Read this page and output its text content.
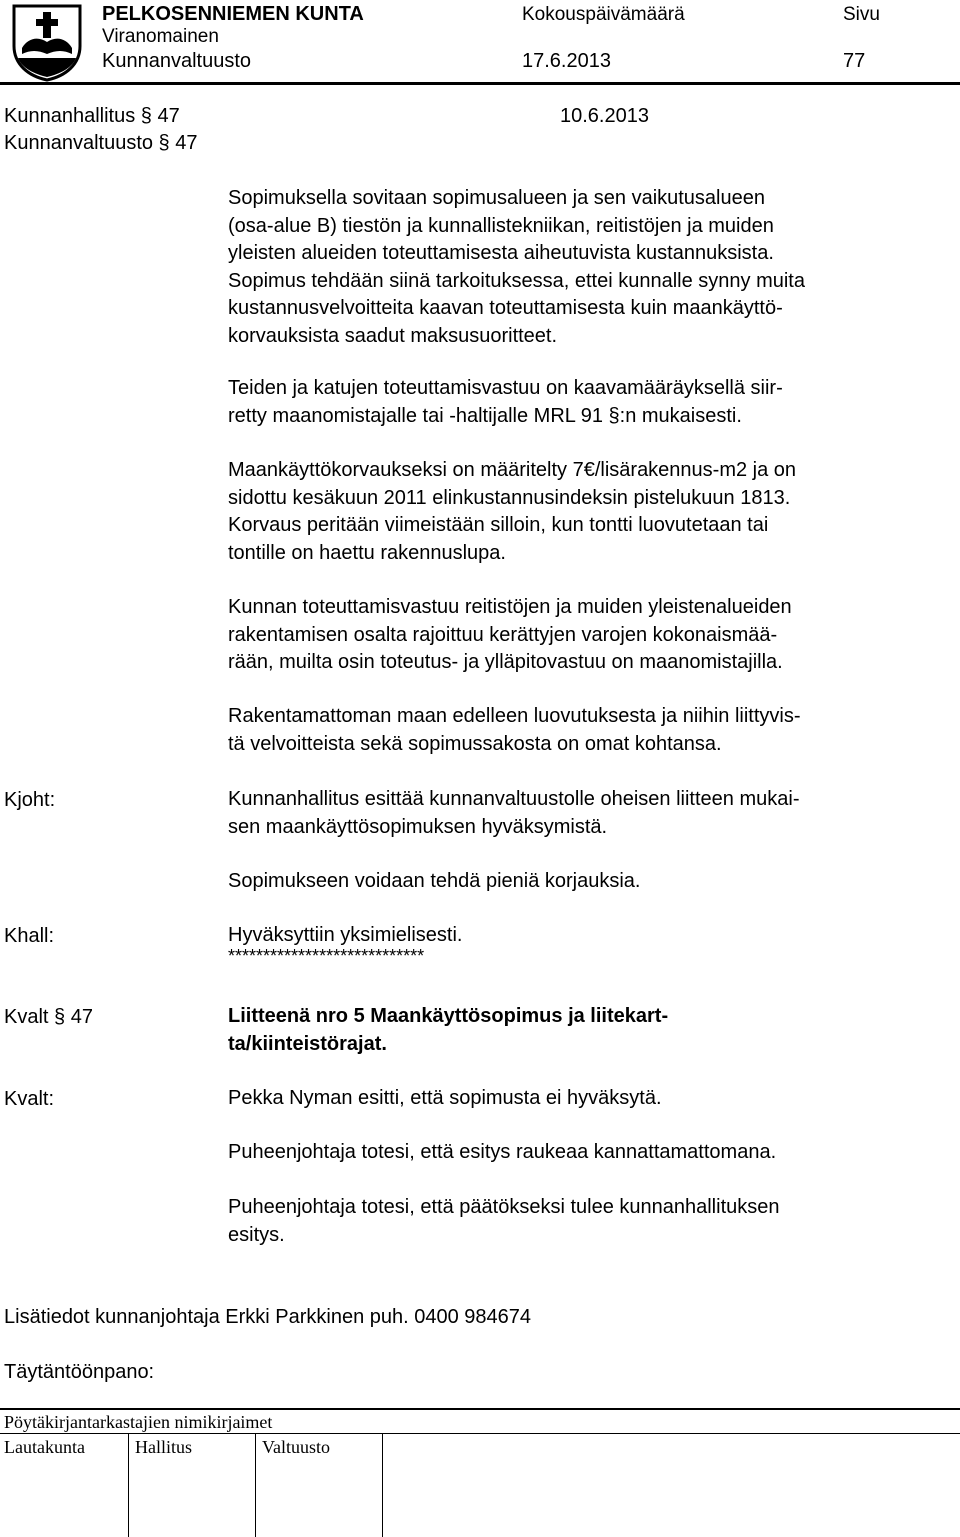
PELKOSENNIEMEN KUNTA	Kokouspäivämäärä	Sivu
Viranomainen
Kunnanvaltuusto	17.6.2013	77
Kunnanhallitus § 47	10.6.2013
Kunnanvaltuusto § 47
Sopimuksella sovitaan sopimusalueen ja sen vaikutusalueen
(osa-alue B) tiestön ja kunnallistekniikan, reitistöjen ja muiden
yleisten alueiden toteuttamisesta aiheutuvista kustannuksista.
Sopimus tehdään siinä tarkoituksessa, ettei kunnalle synny muita
kustannusvelvoitteita kaavan toteuttamisesta kuin maankäyttö-
korvauksista saadut maksusuoritteet.
Teiden ja katujen toteuttamisvastuu on kaavamääräyksellä siir-
retty maanomistajalle tai -haltijalle MRL 91 §:n mukaisesti.
Maankäyttökorvaukseksi on määritelty 7€/lisärakennus-m2 ja on
sidottu kesäkuun 2011 elinkustannusindeksin pistelukuun 1813.
Korvaus peritään viimeistään silloin, kun tontti luovutetaan tai
tontille on haettu rakennuslupa.
Kunnan toteuttamisvastuu reitistöjen ja muiden yleistenalueiden
rakentamisen osalta rajoittuu kerättyjen varojen kokonaismää-
rään, muilta osin toteutus- ja ylläpitovastuu on maanomistajilla.
Rakentamattoman maan edelleen luovutuksesta ja niihin liittyvis-
tä velvoitteista sekä sopimussakosta on omat kohtansa.
Kjoht:	Kunnanhallitus esittää kunnanvaltuustolle oheisen liitteen mukai-
sen maankäyttösopimuksen hyväksymistä.
Sopimukseen voidaan tehdä pieniä korjauksia.
Khall:	Hyväksyttiin yksimielisesti.
****************************
Kvalt § 47	Liitteenä nro 5 Maankäyttösopimus ja liitekart-
ta/kiinteistörajat.
Kvalt:	Pekka Nyman esitti, että sopimusta ei hyväksytä.
Puheenjohtaja totesi, että esitys raukeaa kannattamattomana.
Puheenjohtaja totesi, että päätökseksi tulee kunnanhallituksen
esitys.
Lisätiedot kunnanjohtaja Erkki Parkkinen puh. 0400 984674
Täytäntöönpano:
Pöytäkirjantarkastajien nimikirjaimet
Lautakunta	Hallitus	Valtuusto
